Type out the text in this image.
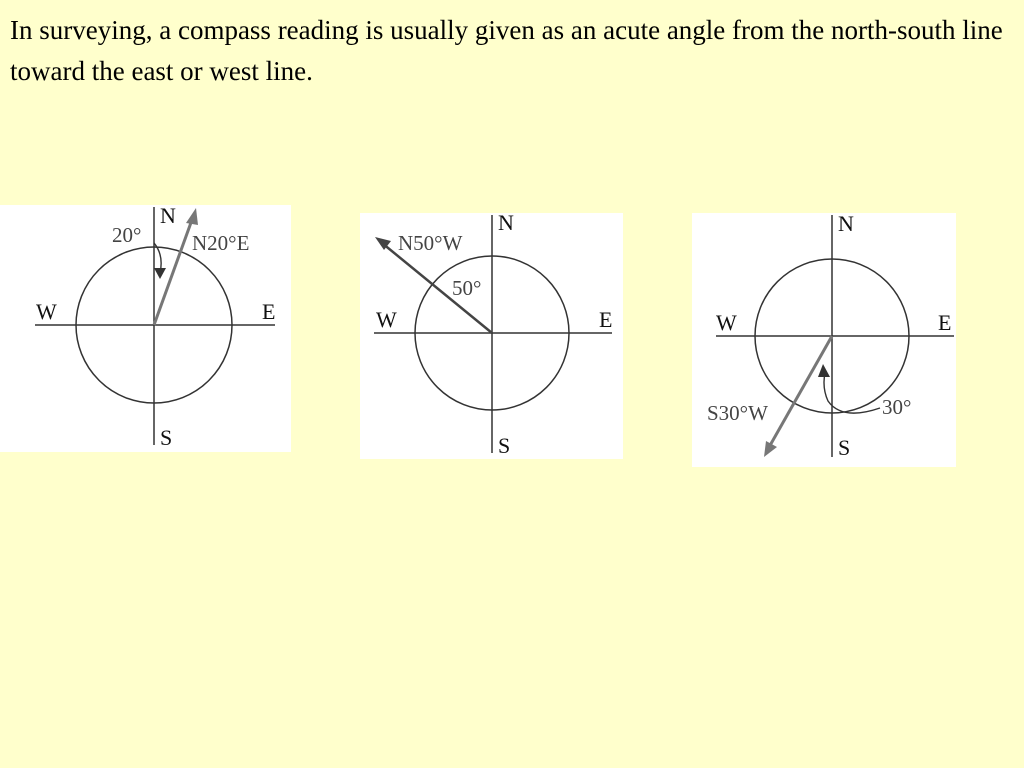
In surveying, a compass reading is usually given as an acute angle from the north-south line toward the east or west line.

N
S
E
W
20° N20°E
N
S
E
W
50°
N50°W
N
S
E
W
30°
S30°W
